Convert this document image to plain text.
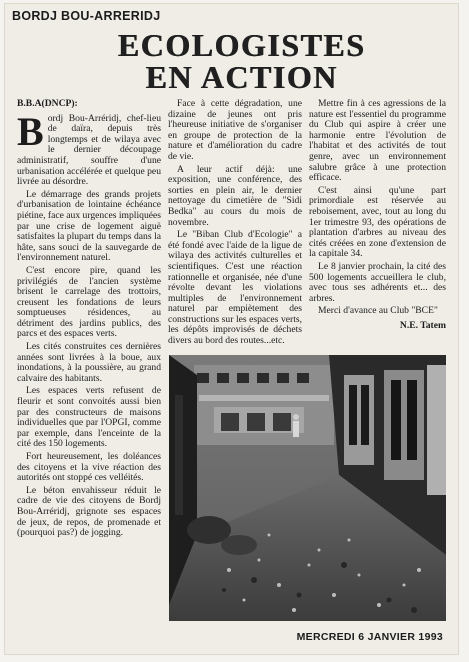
BORDJ BOU-ARRERIDJ
ECOLOGISTES
EN ACTION
B.B.A(DNCP):

Bordj Bou-Arréridj, chef-lieu de daïra, depuis très longtemps et de wilaya avec le dernier découpage administratif, souffre d'une urbanisation accélérée et quelque peu livrée au désordre.

Le démarrage des grands projets d'urbanisation de lointaine échéance piétine, face aux urgences impliquées par une crise de logement aiguë satisfaites la plupart du temps dans la hâte, sans souci de la sauvegarde de l'environnement naturel.

C'est encore pire, quand les privilégiés de l'ancien système brisent le carrelage des trottoirs, creusent les fondations de leurs somptueuses résidences, au détriment des jardins publics, des parcs et des espaces verts.

Les cités construites ces dernières années sont livrées à la boue, aux inondations, à la poussière, au grand calvaire des habitants.

Les espaces verts refusent de fleurir et sont convoités aussi bien par des constructeurs de maisons individuelles que par l'OPGI, comme par exemple, dans l'enceinte de la cité des 150 logements.

Fort heureusement, les doléances des citoyens et la vive réaction des autorités ont stoppé ces velléités.

Le béton envahisseur réduit le cadre de vie des citoyens de Bordj Bou-Arréridj, grignote ses espaces de jeux, de repos, de promenade et (pourquoi pas?) de jogging.

Face à cette dégradation, une dizaine de jeunes ont pris l'heureuse initiative de s'organiser en groupe de protection de la nature et d'amélioration du cadre de vie.

A leur actif déjà: une exposition, une conférence, des sorties en plein air, le dernier nettoyage du cimetière de "Sidi Bedka" au cours du mois de novembre.

Le "Biban Club d'Ecologie" a été fondé avec l'aide de la ligue de wilaya des activités culturelles et scientifiques. C'est une réaction rationnelle et organisée, née d'une révolte devant les violations multiples de l'environnement naturel par empiètement des constructions sur les espaces verts, les dépôts improvisés de déchets divers au bord des routes...etc.

Mettre fin à ces agressions de la nature est l'essentiel du programme du Club qui aspire à créer une harmonie entre l'évolution de l'habitat et des activités de tout genre, avec un environnement salubre grâce à une protection efficace.

C'est ainsi qu'une part primordiale est réservée au reboisement, avec, tout au long du 1er trimestre 93, des opérations de plantation d'arbres au niveau des cités créées en zone d'extension de la capitale 34.

Le 8 janvier prochain, la cité des 500 logements accueillera le club, avec tous ses adhérents et... des arbres.

Merci d'avance au Club "BCE"

N.E. Tatem
MERCREDI 6 JANVIER 1993
